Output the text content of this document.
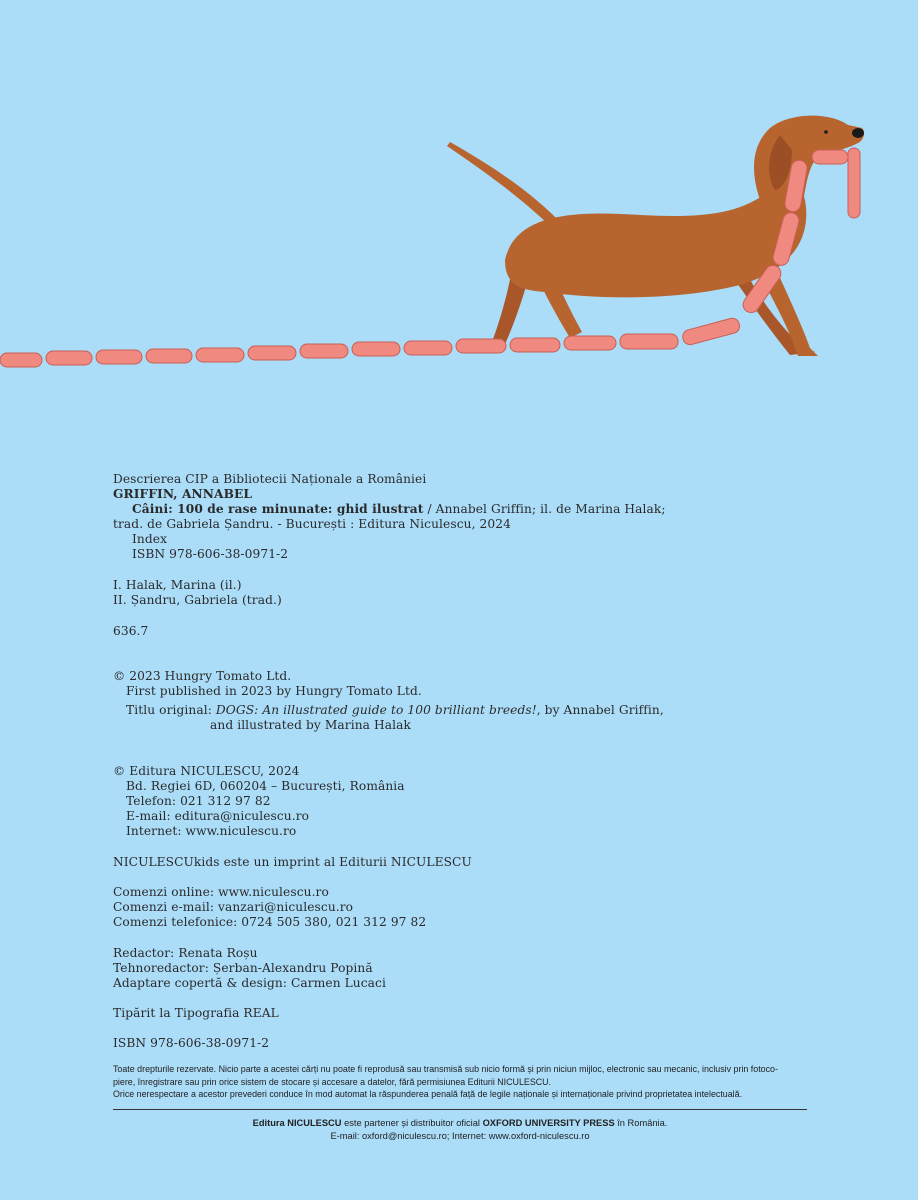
Descrierea CIP a Bibliotecii Naționale a României
GRIFFIN, ANNABEL
Câini: 100 de rase minunate: ghid ilustrat / Annabel Griffin; il. de Marina Halak;
trad. de Gabriela Șandru. - București : Editura Niculescu, 2024
Index
ISBN 978-606-38-0971-2
I. Halak, Marina (il.)
II. Șandru, Gabriela (trad.)
636.7
© 2023 Hungry Tomato Ltd.
First published in 2023 by Hungry Tomato Ltd.
Titlu original: DOGS: An illustrated guide to 100 brilliant breeds!, by Annabel Griffin,
and illustrated by Marina Halak
© Editura NICULESCU, 2024
Bd. Regiei 6D, 060204 – București, România
Telefon: 021 312 97 82
E-mail: editura@niculescu.ro
Internet: www.niculescu.ro
NICULESCUkids este un imprint al Editurii NICULESCU
Comenzi online: www.niculescu.ro
Comenzi e-mail: vanzari@niculescu.ro
Comenzi telefonice: 0724 505 380, 021 312 97 82
Redactor: Renata Roșu
Tehnoredactor: Șerban-Alexandru Popină
Adaptare copertă & design: Carmen Lucaci
Tipărit la Tipografia REAL
ISBN 978-606-38-0971-2
Toate drepturile rezervate. Nicio parte a acestei cărți nu poate fi reprodusă sau transmisă sub nicio formă și prin niciun mijloc, electronic sau mecanic, inclusiv prin fotoco-
piere, înregistrare sau prin orice sistem de stocare și accesare a datelor, fără permisiunea Editurii NICULESCU.
Orice nerespectare a acestor prevederi conduce în mod automat la răspunderea penală față de legile naționale și internaționale privind proprietatea intelectuală.
Editura NICULESCU este partener și distribuitor oficial OXFORD UNIVERSITY PRESS în România.
E-mail: oxford@niculescu.ro; Internet: www.oxford-niculescu.ro
